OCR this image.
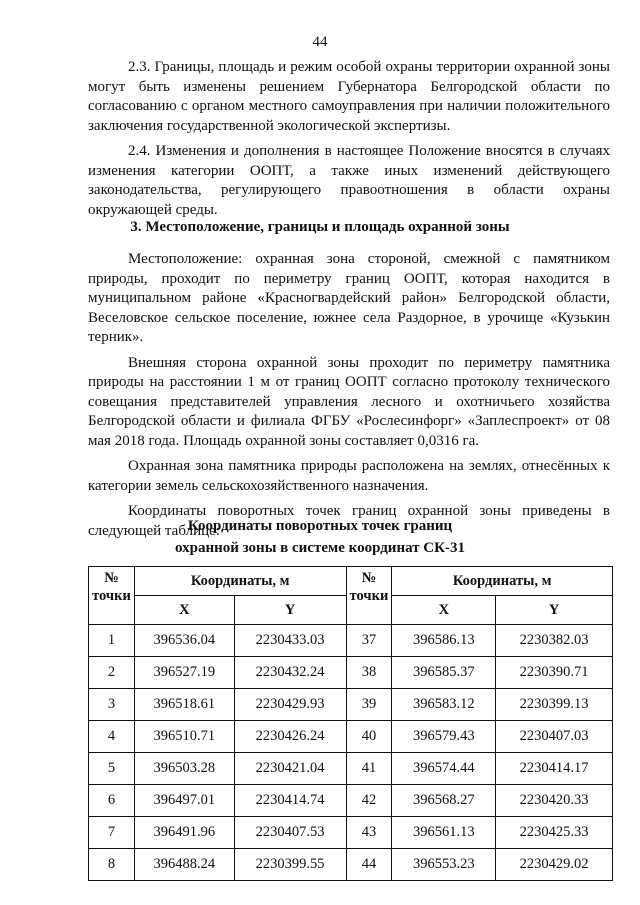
44

2.3. Границы, площадь и режим особой охраны территории охранной зоны могут быть изменены решением Губернатора Белгородской области по согласованию с органом местного самоуправления при наличии положительного заключения государственной экологической экспертизы.

2.4. Изменения и дополнения в настоящее Положение вносятся в случаях изменения категории ООПТ, а также иных изменений действующего законодательства, регулирующего правоотношения в области охраны окружающей среды.

3. Местоположение, границы и площадь охранной зоны

Местоположение: охранная зона стороной, смежной с памятником природы, проходит по периметру границ ООПТ, которая находится в муниципальном районе «Красногвардейский район» Белгородской области, Веселовское сельское поселение, южнее села Раздорное, в урочище «Кузькин терник».

Внешняя сторона охранной зоны проходит по периметру памятника природы на расстоянии 1 м от границ ООПТ согласно протоколу технического совещания представителей управления лесного и охотничьего хозяйства Белгородской области и филиала ФГБУ «Рослесинфорг» «Заплеспроект» от 08 мая 2018 года. Площадь охранной зоны составляет 0,0316 га.

Охранная зона памятника природы расположена на землях, отнесённых к категории земель сельскохозяйственного назначения.

Координаты поворотных точек границ охранной зоны приведены в следующей таблице:

Координаты поворотных точек границ
охранной зоны в системе координат СК-31
№ точки	Координаты, м		№ точки	Координаты, м	
	X	Y		X	Y
1	396536.04	2230433.03	37	396586.13	2230382.03
2	396527.19	2230432.24	38	396585.37	2230390.71
3	396518.61	2230429.93	39	396583.12	2230399.13
4	396510.71	2230426.24	40	396579.43	2230407.03
5	396503.28	2230421.04	41	396574.44	2230414.17
6	396497.01	2230414.74	42	396568.27	2230420.33
7	396491.96	2230407.53	43	396561.13	2230425.33
8	396488.24	2230399.55	44	396553.23	2230429.02
